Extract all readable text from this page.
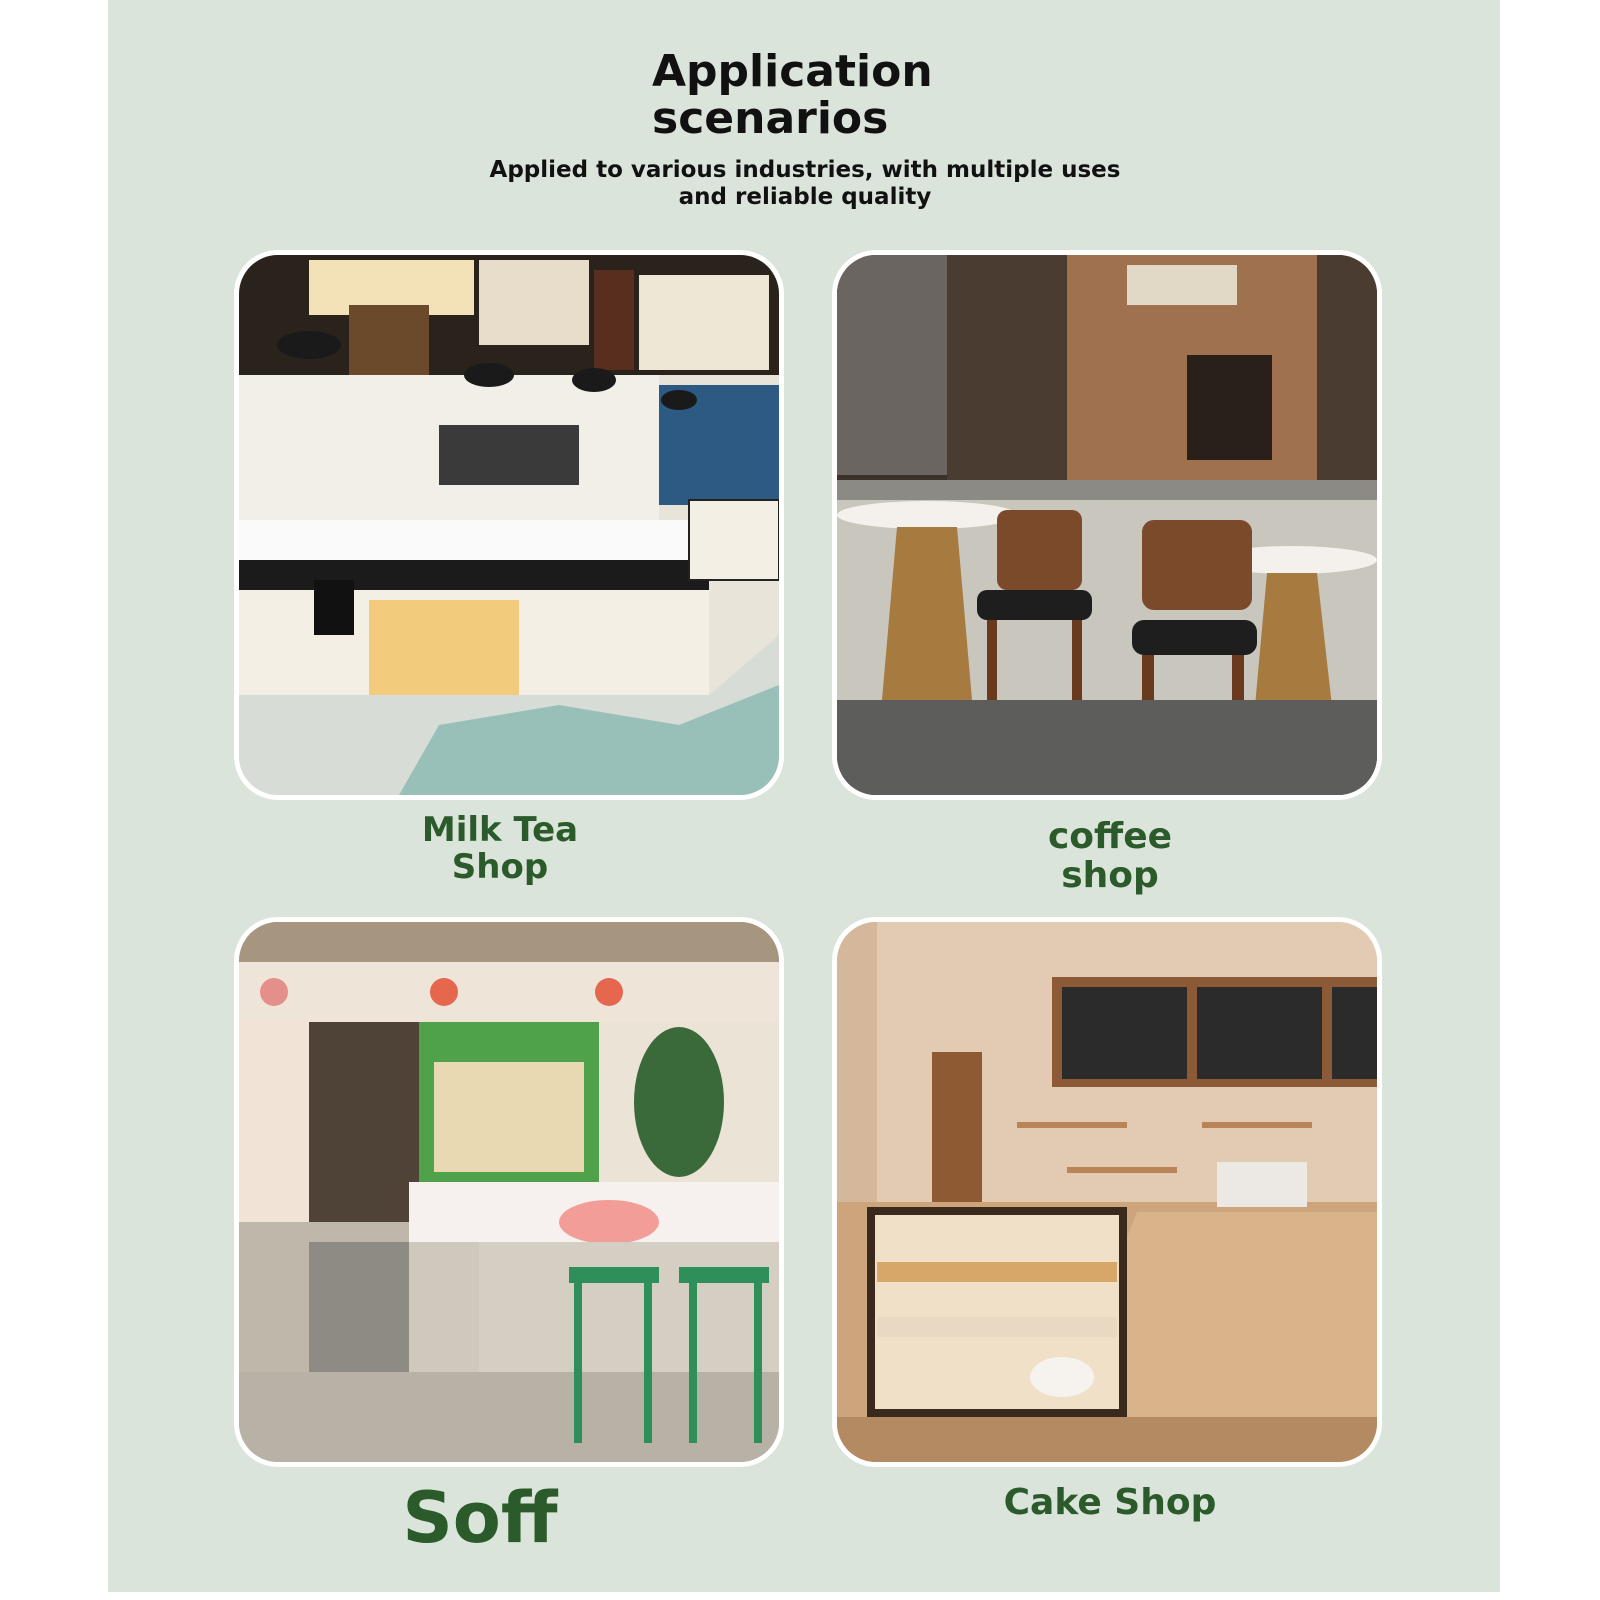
Application
scenarios

Applied to various industries, with multiple uses
and reliable quality

Milk Tea
Shop
coffee
shop
Soff	Cake Shop
